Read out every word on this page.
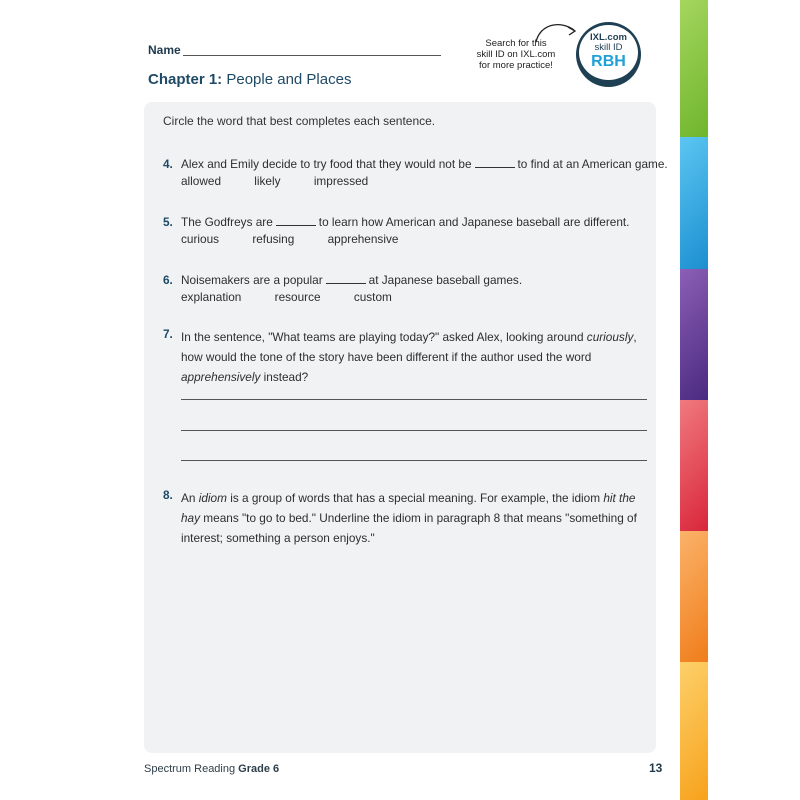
Name
Chapter 1: People and Places
Search for this
skill ID on IXL.com
for more practice!
IXL.com
skill ID
RBH
Circle the word that best completes each sentence.
4. Alex and Emily decide to try food that they would not be	to find at an American game.
allowed	likely	impressed
5. The Godfreys are	to learn how American and Japanese baseball are different.
curious	refusing	apprehensive
6. Noisemakers are a popular	at Japanese baseball games.
explanation	resource	custom
7. In the sentence, "What teams are playing today?" asked Alex, looking around curiously, how would the tone of the story have been different if the author used the word apprehensively instead?
8. An idiom is a group of words that has a special meaning. For example, the idiom hit the hay means "to go to bed." Underline the idiom in paragraph 8 that means "something of interest; something a person enjoys."
Spectrum Reading Grade 6	13
